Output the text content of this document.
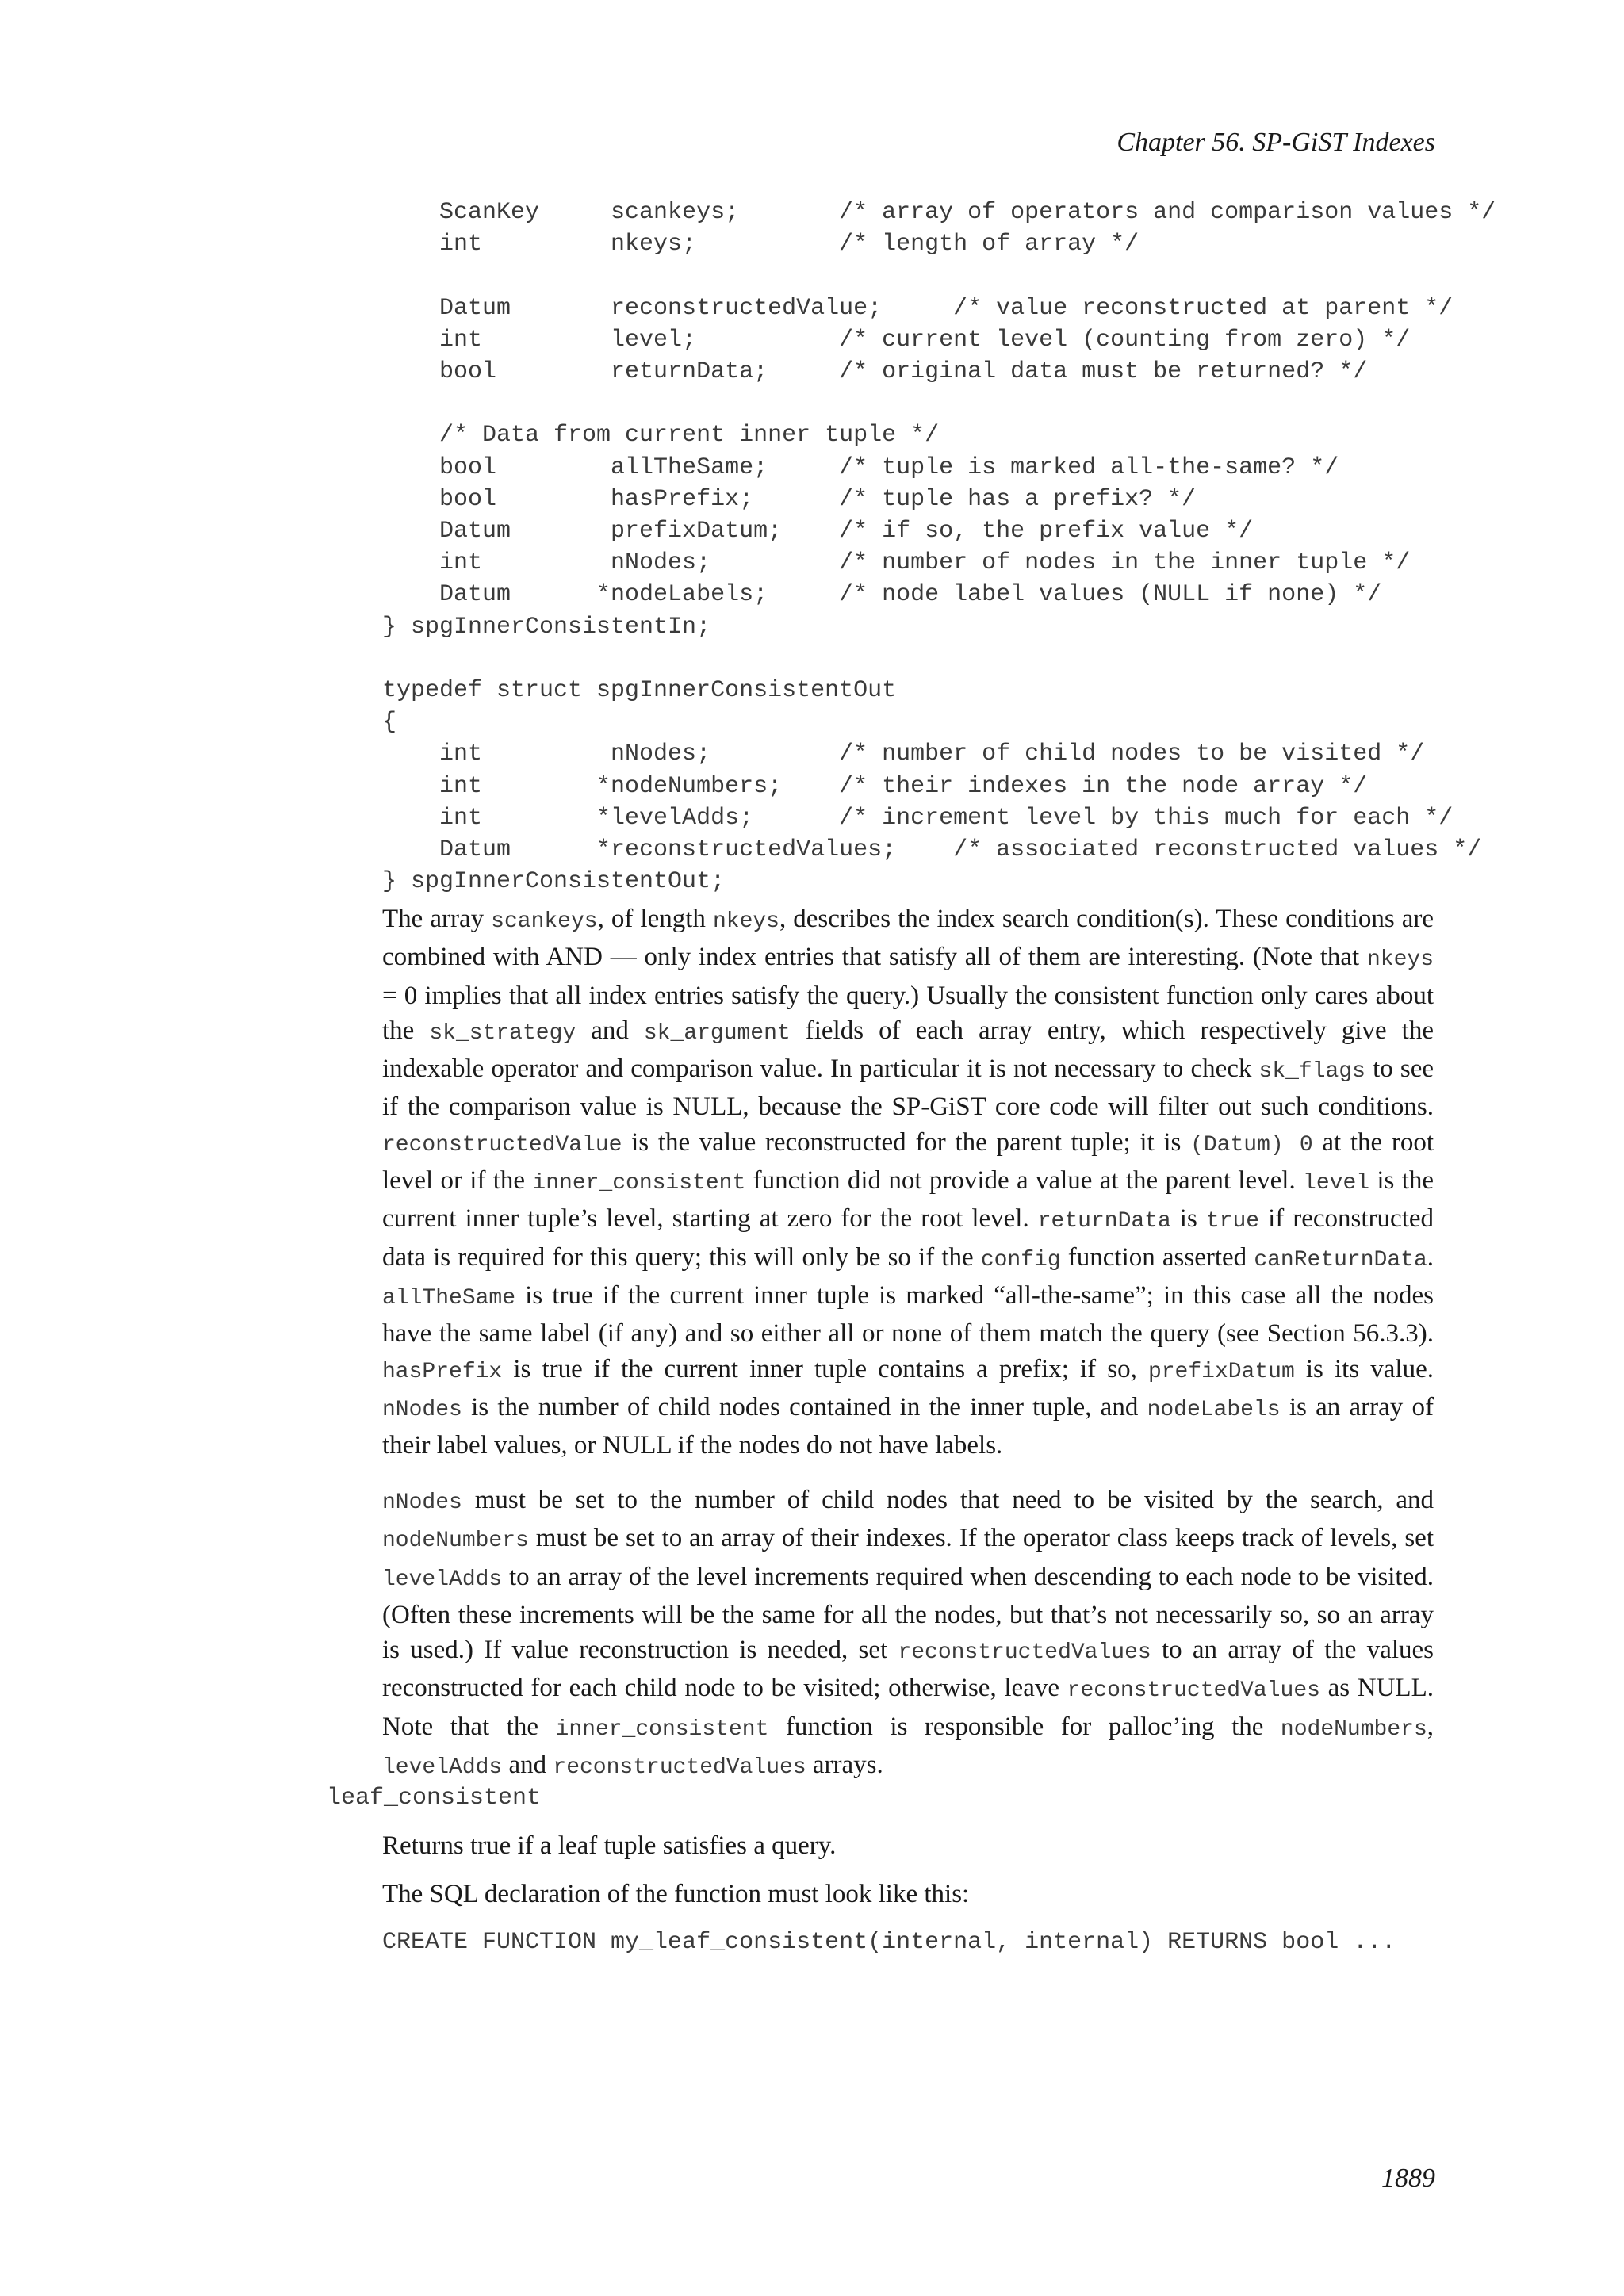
Chapter 56. SP-GiST Indexes
ScanKey     scankeys;       /* array of operators and comparison values */
int         nkeys;          /* length of array */

Datum       reconstructedValue;     /* value reconstructed at parent */
int         level;          /* current level (counting from zero) */
bool        returnData;     /* original data must be returned? */

/* Data from current inner tuple */
bool        allTheSame;     /* tuple is marked all-the-same? */
bool        hasPrefix;      /* tuple has a prefix? */
Datum       prefixDatum;    /* if so, the prefix value */
int         nNodes;         /* number of nodes in the inner tuple */
Datum      *nodeLabels;     /* node label values (NULL if none) */
} spgInnerConsistentIn;

typedef struct spgInnerConsistentOut
{
int         nNodes;         /* number of child nodes to be visited */
int        *nodeNumbers;    /* their indexes in the node array */
int        *levelAdds;      /* increment level by this much for each */
Datum      *reconstructedValues;    /* associated reconstructed values */
} spgInnerConsistentOut;

The array scankeys, of length nkeys, describes the index search condition(s). These conditions are combined with AND — only index entries that satisfy all of them are interesting. (Note that nkeys = 0 implies that all index entries satisfy the query.) Usually the consistent function only cares about the sk_strategy and sk_argument fields of each array entry, which respectively give the indexable operator and comparison value. In particular it is not necessary to check sk_flags to see if the comparison value is NULL, because the SP-GiST core code will filter out such conditions. reconstructedValue is the value reconstructed for the parent tuple; it is (Datum) 0 at the root level or if the inner_consistent function did not provide a value at the parent level. level is the current inner tuple’s level, starting at zero for the root level. returnData is true if reconstructed data is required for this query; this will only be so if the config function asserted canReturnData. allTheSame is true if the current inner tuple is marked “all-the-same”; in this case all the nodes have the same label (if any) and so either all or none of them match the query (see Section 56.3.3). hasPrefix is true if the current inner tuple contains a prefix; if so, prefixDatum is its value. nNodes is the number of child nodes contained in the inner tuple, and nodeLabels is an array of their label values, or NULL if the nodes do not have labels.

nNodes must be set to the number of child nodes that need to be visited by the search, and nodeNumbers must be set to an array of their indexes. If the operator class keeps track of levels, set levelAdds to an array of the level increments required when descending to each node to be visited. (Often these increments will be the same for all the nodes, but that’s not necessarily so, so an array is used.) If value reconstruction is needed, set reconstructedValues to an array of the values reconstructed for each child node to be visited; otherwise, leave reconstructedValues as NULL. Note that the inner_consistent function is responsible for palloc’ing the nodeNumbers, levelAdds and reconstructedValues arrays.

leaf_consistent

Returns true if a leaf tuple satisfies a query.

The SQL declaration of the function must look like this:

CREATE FUNCTION my_leaf_consistent(internal, internal) RETURNS bool ...
1889
